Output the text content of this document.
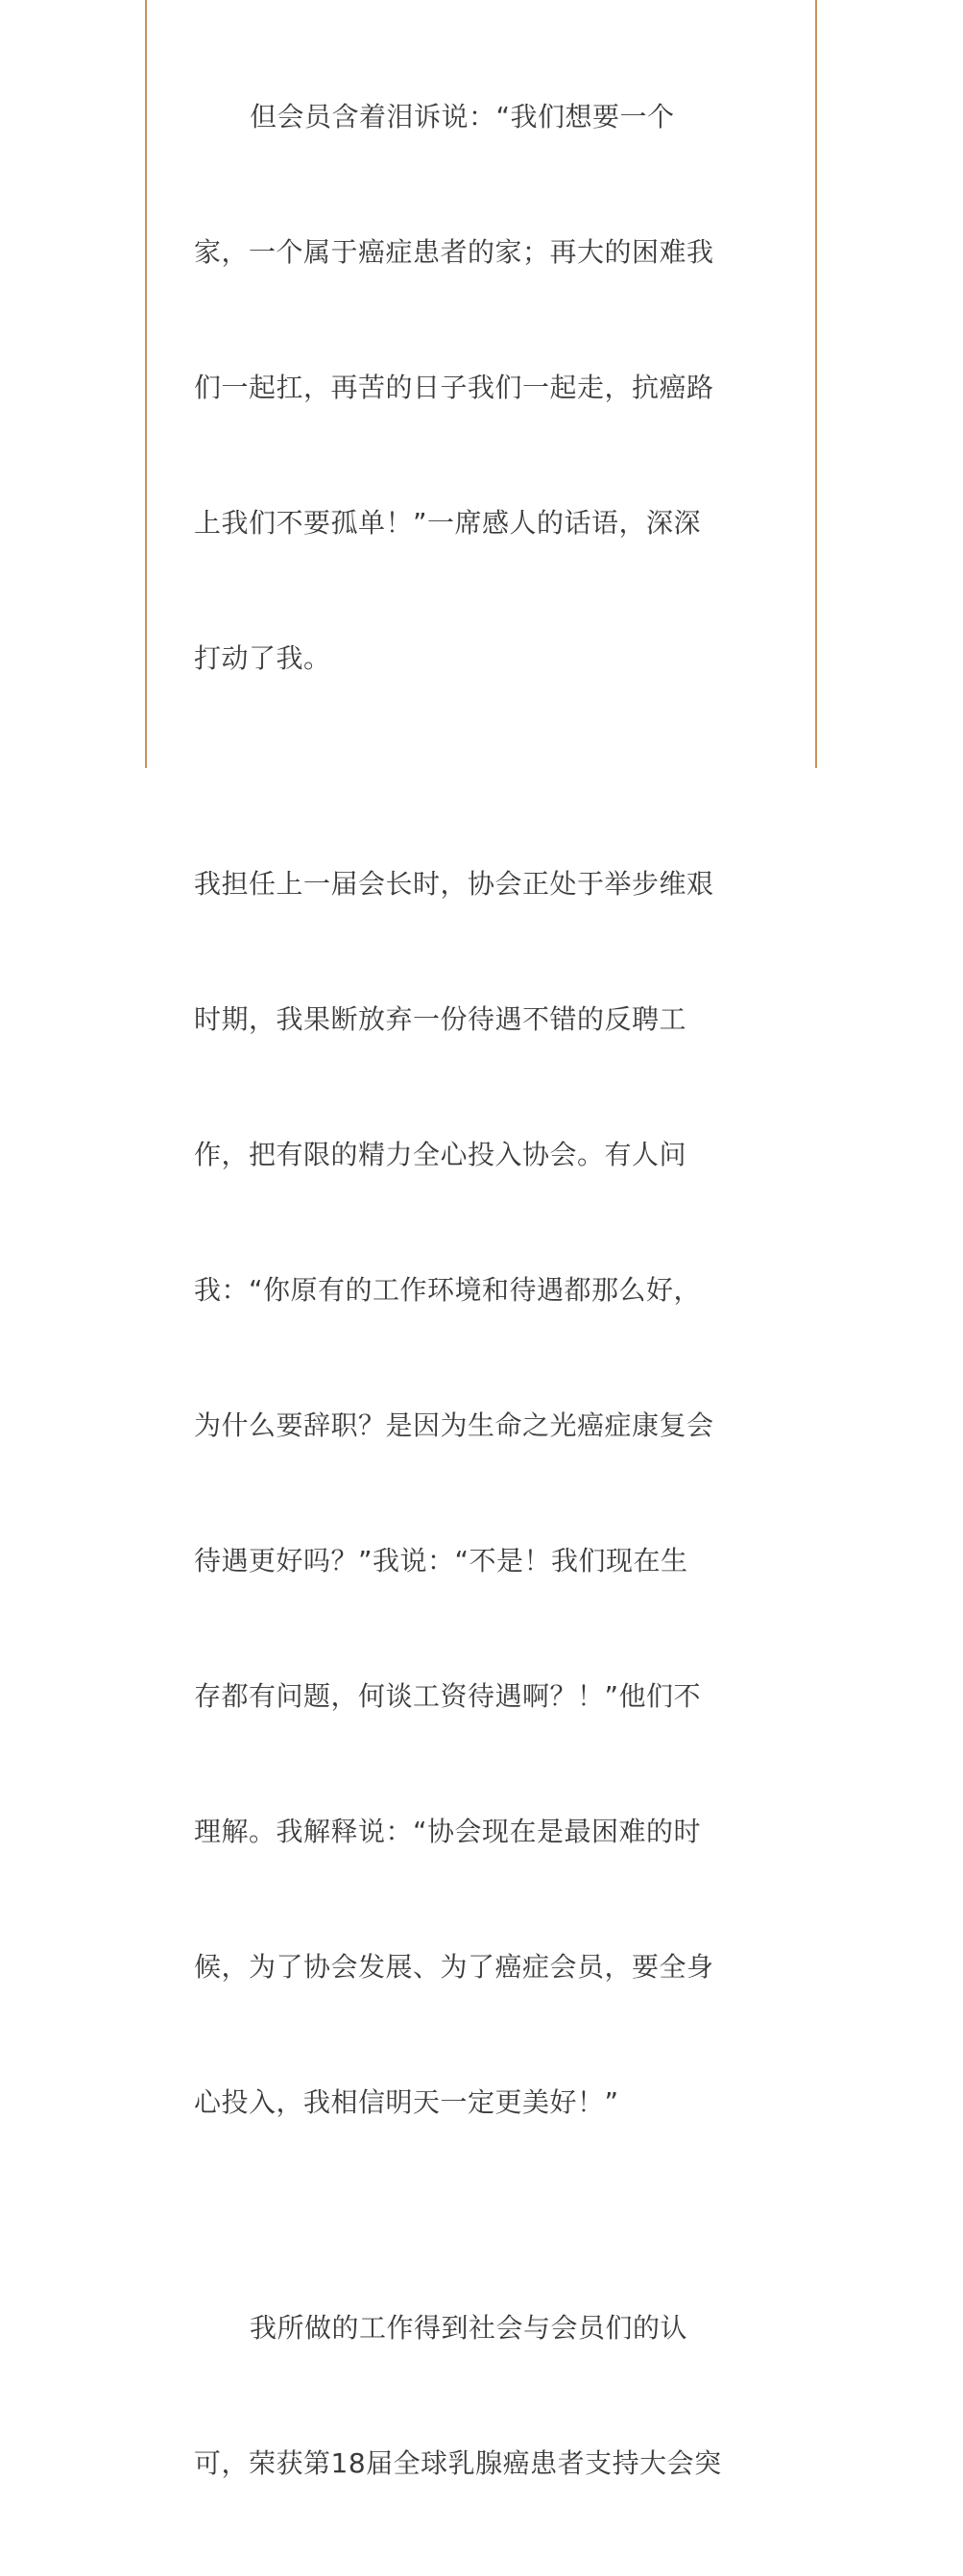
但会员含着泪诉说：“我们想要一个

家，一个属于癌症患者的家；再大的困难我

们一起扛，再苦的日子我们一起走，抗癌路

上我们不要孤单！”一席感人的话语，深深

打动了我。

我担任上一届会长时，协会正处于举步维艰

时期，我果断放弃一份待遇不错的反聘工

作，把有限的精力全心投入协会。有人问

我：“你原有的工作环境和待遇都那么好，

为什么要辞职？是因为生命之光癌症康复会

待遇更好吗？”我说：“不是！我们现在生

存都有问题，何谈工资待遇啊？！”他们不

理解。我解释说：“协会现在是最困难的时

候，为了协会发展、为了癌症会员，要全身

心投入，我相信明天一定更美好！”

我所做的工作得到社会与会员们的认

可，荣获第18届全球乳腺癌患者支持大会突
